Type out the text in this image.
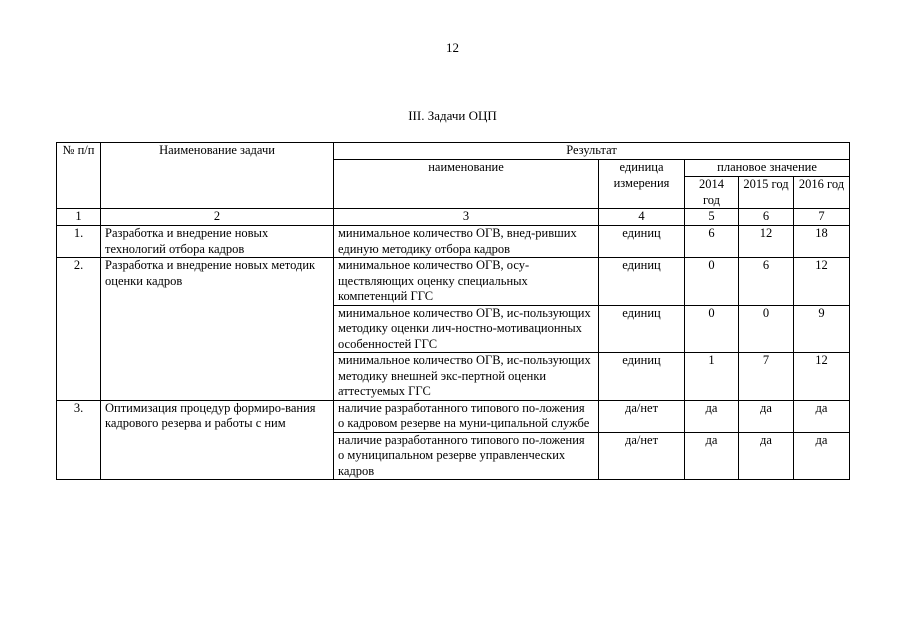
12
III. Задачи ОЦП
№ п/п	Наименование задачи	Результат				
		наименование	единица измерения	плановое значение		
				2014 год	2015 год	2016 год
1	2	3	4	5	6	7
1.	Разработка и внедрение новых технологий отбора кадров	минимальное количество ОГВ, внед-ривших единую методику отбора кадров	единиц	6	12	18
2.	Разработка и внедрение новых методик оценки кадров	минимальное количество ОГВ, осу-ществляющих оценку специальных компетенций ГГС	единиц	0	6	12
		минимальное количество ОГВ, ис-пользующих методику оценки лич-ностно-мотивационных особенностей ГГС	единиц	0	0	9
		минимальное количество ОГВ, ис-пользующих методику внешней экс-пертной оценки аттестуемых ГГС	единиц	1	7	12
3.	Оптимизация процедур формиро-вания кадрового резерва и работы с ним	наличие разработанного типового по-ложения о кадровом резерве на муни-ципальной службе	да/нет	да	да	да
		наличие разработанного типового по-ложения о муниципальном резерве управленческих кадров	да/нет	да	да	да
